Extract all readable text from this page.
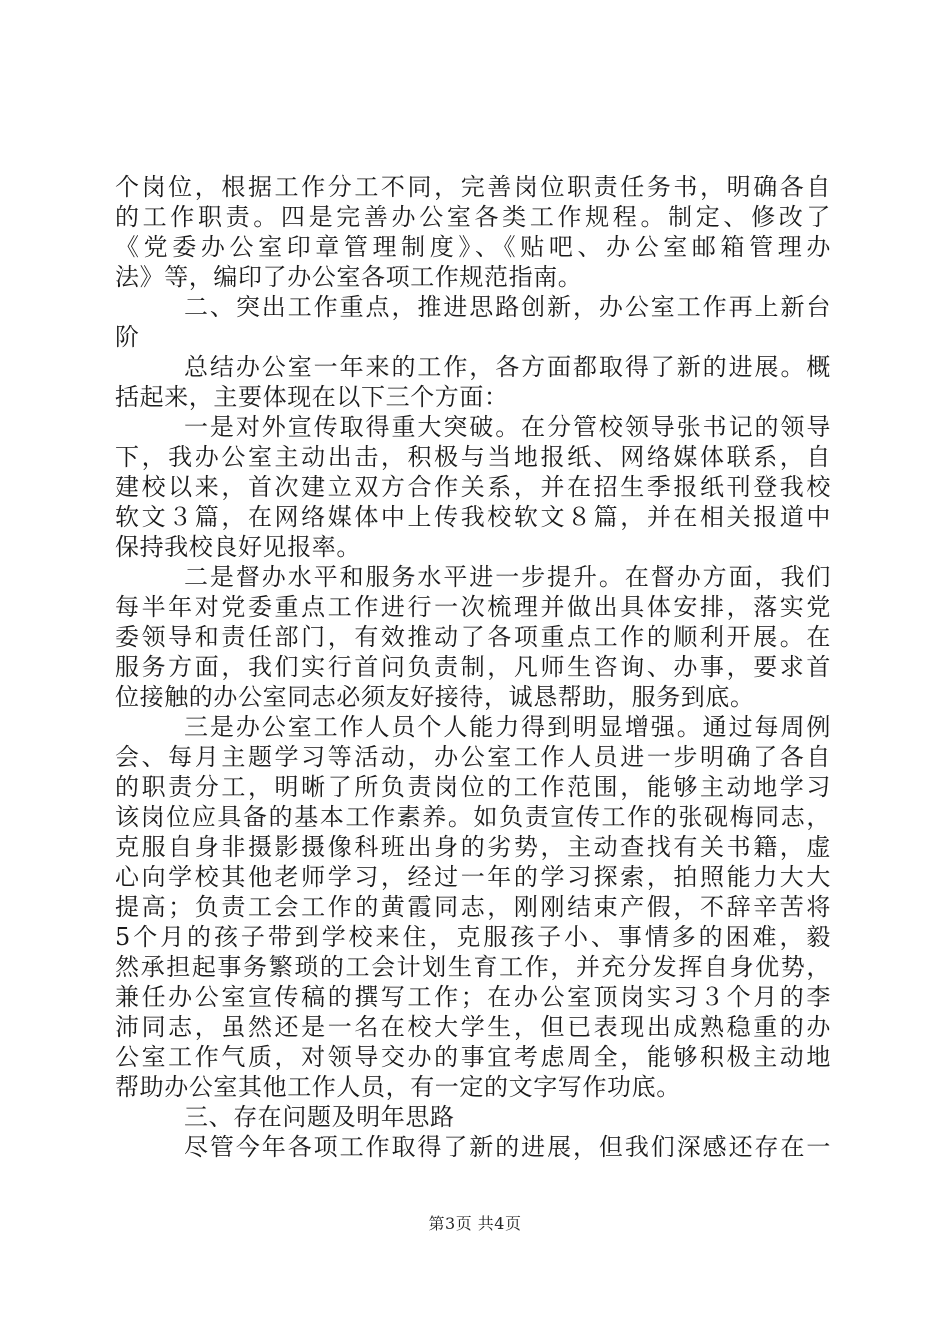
个岗位，根据工作分工不同，完善岗位职责任务书，明确各自
的工作职责。四是完善办公室各类工作规程。制定、修改了
《党委办公室印章管理制度》、《贴吧、办公室邮箱管理办
法》等，编印了办公室各项工作规范指南。
二、突出工作重点，推进思路创新，办公室工作再上新台
阶
总结办公室一年来的工作，各方面都取得了新的进展。概
括起来，主要体现在以下三个方面：
一是对外宣传取得重大突破。在分管校领导张书记的领导
下，我办公室主动出击，积极与当地报纸、网络媒体联系，自
建校以来，首次建立双方合作关系，并在招生季报纸刊登我校
软文３篇，在网络媒体中上传我校软文８篇，并在相关报道中
保持我校良好见报率。
二是督办水平和服务水平进一步提升。在督办方面，我们
每半年对党委重点工作进行一次梳理并做出具体安排，落实党
委领导和责任部门，有效推动了各项重点工作的顺利开展。在
服务方面，我们实行首问负责制，凡师生咨询、办事，要求首
位接触的办公室同志必须友好接待，诚恳帮助，服务到底。
三是办公室工作人员个人能力得到明显增强。通过每周例
会、每月主题学习等活动，办公室工作人员进一步明确了各自
的职责分工，明晰了所负责岗位的工作范围，能够主动地学习
该岗位应具备的基本工作素养。如负责宣传工作的张砚梅同志，
克服自身非摄影摄像科班出身的劣势，主动查找有关书籍，虚
心向学校其他老师学习，经过一年的学习探索，拍照能力大大
提高；负责工会工作的黄霞同志，刚刚结束产假，不辞辛苦将
5个月的孩子带到学校来住，克服孩子小、事情多的困难，毅
然承担起事务繁琐的工会计划生育工作，并充分发挥自身优势，
兼任办公室宣传稿的撰写工作；在办公室顶岗实习３个月的李
沛同志，虽然还是一名在校大学生，但已表现出成熟稳重的办
公室工作气质，对领导交办的事宜考虑周全，能够积极主动地
帮助办公室其他工作人员，有一定的文字写作功底。
三、存在问题及明年思路
尽管今年各项工作取得了新的进展，但我们深感还存在一
第3页 共4页
